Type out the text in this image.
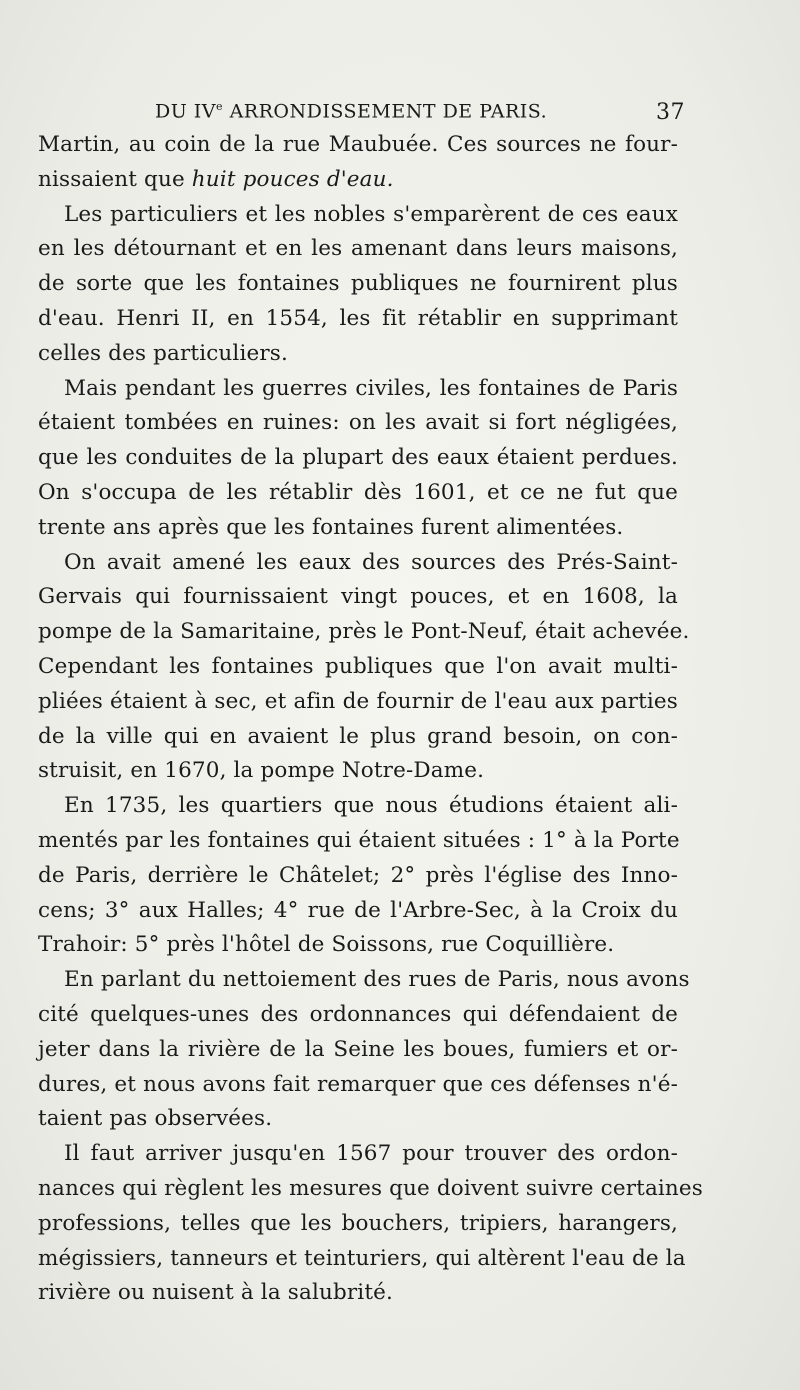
DU IVe ARRONDISSEMENT DE PARIS.	37
Martin, au coin de la rue Maubuée. Ces sources ne four-
nissaient que huit pouces d'eau.
Les particuliers et les nobles s'emparèrent de ces eaux
en les détournant et en les amenant dans leurs maisons,
de sorte que les fontaines publiques ne fournirent plus
d'eau. Henri II, en 1554, les fit rétablir en supprimant
celles des particuliers.
Mais pendant les guerres civiles, les fontaines de Paris
étaient tombées en ruines: on les avait si fort négligées,
que les conduites de la plupart des eaux étaient perdues.
On s'occupa de les rétablir dès 1601, et ce ne fut que
trente ans après que les fontaines furent alimentées.
On avait amené les eaux des sources des Prés-Saint-
Gervais qui fournissaient vingt pouces, et en 1608, la
pompe de la Samaritaine, près le Pont-Neuf, était achevée.
Cependant les fontaines publiques que l'on avait multi-
pliées étaient à sec, et afin de fournir de l'eau aux parties
de la ville qui en avaient le plus grand besoin, on con-
struisit, en 1670, la pompe Notre-Dame.
En 1735, les quartiers que nous étudions étaient ali-
mentés par les fontaines qui étaient situées : 1° à la Porte
de Paris, derrière le Châtelet; 2° près l'église des Inno-
cens; 3° aux Halles; 4° rue de l'Arbre-Sec, à la Croix du
Trahoir: 5° près l'hôtel de Soissons, rue Coquillière.
En parlant du nettoiement des rues de Paris, nous avons
cité quelques-unes des ordonnances qui défendaient de
jeter dans la rivière de la Seine les boues, fumiers et or-
dures, et nous avons fait remarquer que ces défenses n'é-
taient pas observées.
Il faut arriver jusqu'en 1567 pour trouver des ordon-
nances qui règlent les mesures que doivent suivre certaines
professions, telles que les bouchers, tripiers, harangers,
mégissiers, tanneurs et teinturiers, qui altèrent l'eau de la
rivière ou nuisent à la salubrité.
